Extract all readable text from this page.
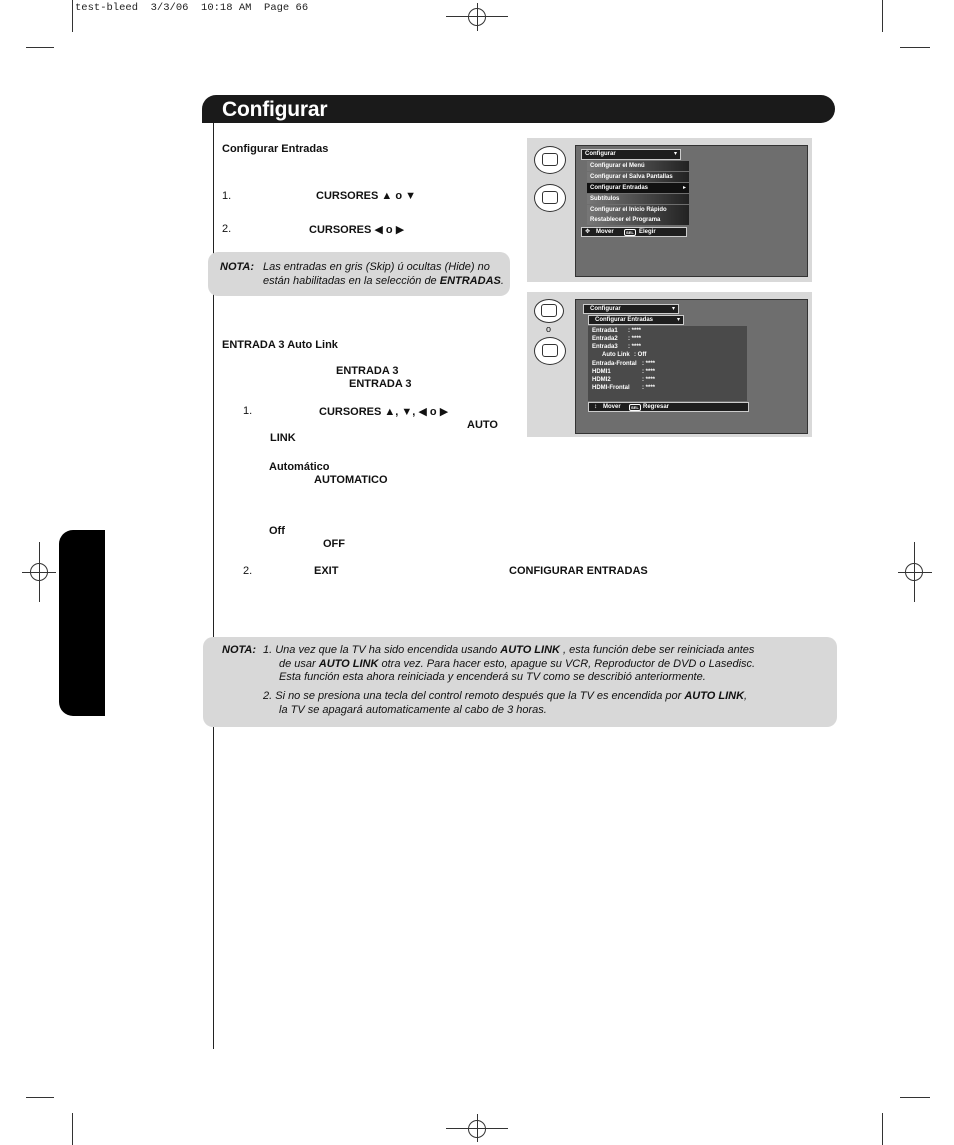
test-bleed  3/3/06  10:18 AM  Page 66
Configurar
Configurar Entradas
1.	CURSORES ▲ o ▼
2.	CURSORES ◀ o ▶
NOTA: Las entradas en gris (Skip) ú ocultas (Hide) no
están habilitadas en la selección de ENTRADAS.
ENTRADA 3 Auto Link
ENTRADA 3
ENTRADA 3
1.	CURSORES ▲, ▼, ◀ o ▶
AUTO
LINK
Automático
AUTOMATICO
Off
OFF
2.	EXIT	CONFIGURAR ENTRADAS
NOTA: 1. Una vez que la TV ha sido encendida usando AUTO LINK , esta función debe ser reiniciada antes
de usar AUTO LINK otra vez. Para hacer esto, apague su VCR, Reproductor de DVD o Lasedisc.
Esta función esta ahora reiniciada y encenderá su TV como se describió anteriormente.
2. Si no se presiona una tecla del control remoto después que la TV es encendida por AUTO LINK,
la TV se apagará automaticamente al cabo de 3 horas.
Configurar	▾
Configurar el Menú
Configurar el Salva Pantallas
Configurar Entradas	▸
Subtítulos
Configurar el Inicio Rápido
Restablecer el Programa
✥ Mover	SEL Elegir
o
Configurar	▾
Configurar Entradas	▾
Entrada1 : ****
Entrada2 : ****
Entrada3 : ****
Auto Link : Off
Entrada-Frontal : ****
HDMI1	: ****
HDMI2	: ****
HDMI-Frontal : ****
↕ Mover	SEL Regresar
